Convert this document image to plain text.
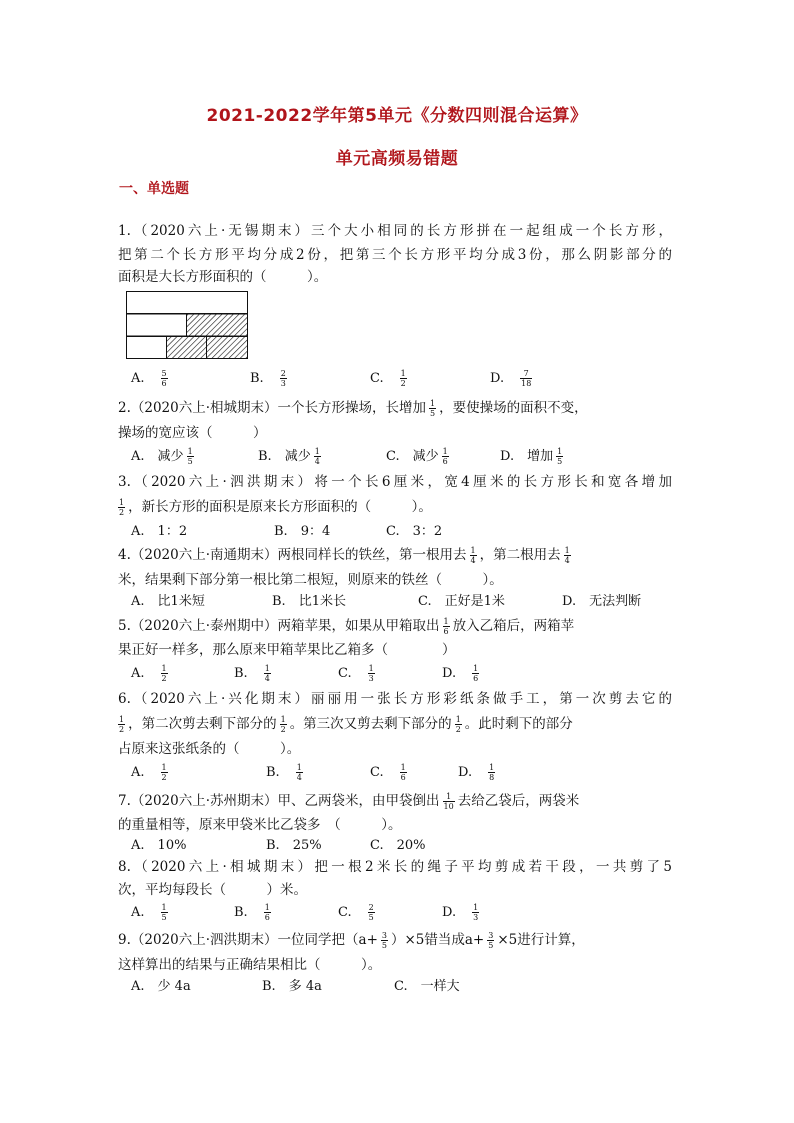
2021-2022学年第5单元《分数四则混合运算》
单元高频易错题
一、单选题
1.（2020六上·无锡期末）三个大小相同的长方形拼在一起组成一个长方形，
把第二个长方形平均分成2份，把第三个长方形平均分成3份，那么阴影部分的
面积是大长方形面积的（　　　）。
A.　 $\frac{5}{6}$	B.　 $\frac{2}{3}$	C.　 $\frac{1}{2}$	D.　 $\frac{7}{18}$
2.（2020六上·相城期末）一个长方形操场，长增加 $\frac{1}{5}$ ，要使操场的面积不变，
操场的宽应该（　　　）
A.　 减少 $\frac{1}{5}$	B.　 减少 $\frac{1}{4}$	C.　 减少 $\frac{1}{6}$	D.　 增加 $\frac{1}{5}$
3.（2020六上·泗洪期末）将一个长6厘米，宽4厘米的长方形长和宽各增加
$\frac{1}{2}$ ，新长方形的面积是原来长方形面积的（　　　）。
A.　 1：2	B.　 9：4	C.　 3：2
4.（2020六上·南通期末）两根同样长的铁丝，第一根用去 $\frac{1}{4}$ ，第二根用去 $\frac{1}{4}$
米，结果剩下部分第一根比第二根短，则原来的铁丝（　　　）。
A.　 比1米短	B.　 比1米长	C.　 正好是1米	D.　 无法判断
5.（2020六上·泰州期中）两箱苹果，如果从甲箱取出 $\frac{1}{6}$ 放入乙箱后，两箱苹
果正好一样多，那么原来甲箱苹果比乙箱多（　　　　）
A.　 $\frac{1}{2}$	B.　 $\frac{1}{4}$	C.　 $\frac{1}{3}$	D.　 $\frac{1}{6}$
6.（2020六上·兴化期末）丽丽用一张长方形彩纸条做手工，第一次剪去它的
$\frac{1}{2}$ ，第二次剪去剩下部分的 $\frac{1}{2}$ 。第三次又剪去剩下部分的 $\frac{1}{2}$ 。此时剩下的部分
占原来这张纸条的（　　　）。
A.　 $\frac{1}{2}$	B.　 $\frac{1}{4}$	C.　 $\frac{1}{6}$	D.　 $\frac{1}{8}$
7.（2020六上·苏州期末）甲、乙两袋米，由甲袋倒出 $\frac{1}{10}$ 去给乙袋后，两袋米
的重量相等，原来甲袋米比乙袋多　（　　　）。
A.　 10%	B.　 25%	C.　 20%
8.（2020六上·相城期末）把一根2米长的绳子平均剪成若干段，一共剪了5
次，平均每段长（　　　）米。
A.　 $\frac{1}{5}$	B.　 $\frac{1}{6}$	C.　 $\frac{2}{5}$	D.　 $\frac{1}{3}$
9.（2020六上·泗洪期末）一位同学把$(a+ \frac{3}{5} )\times 5$错当成$a+ \frac{3}{5} \times 5$进行计算，
这样算出的结果与正确结果相比（　　　）。
A.　 少 4a	B.　 多 4a	C.　 一样大
